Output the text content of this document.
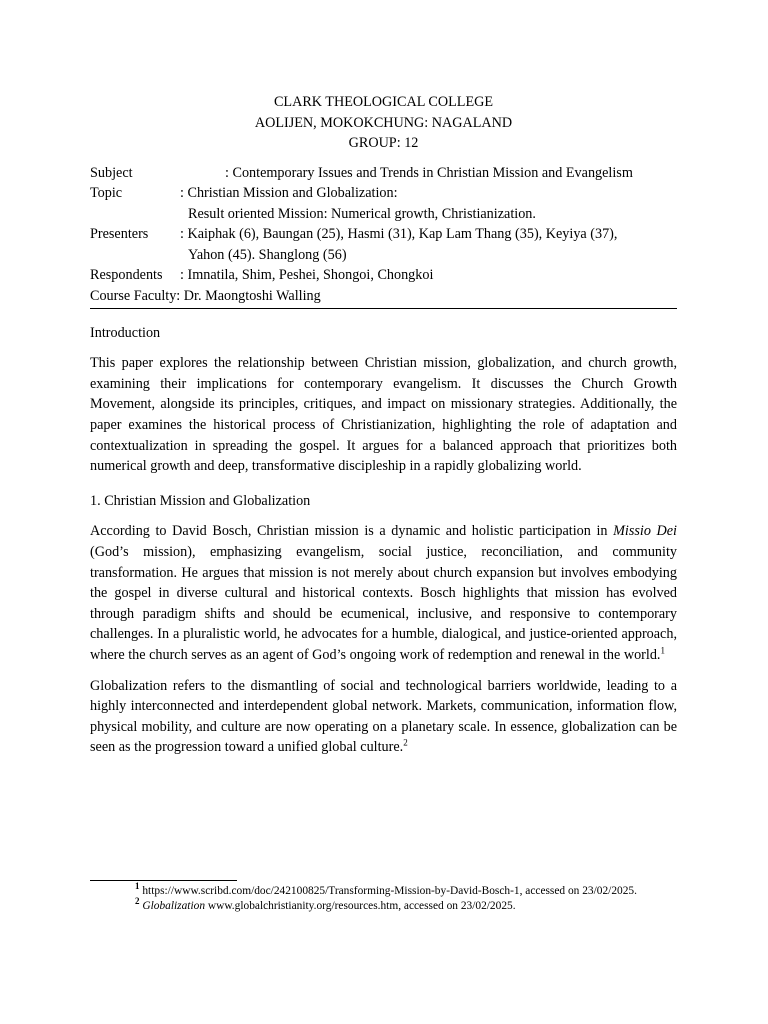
CLARK THEOLOGICAL COLLEGE
AOLIJEN, MOKOKCHUNG: NAGALAND
GROUP: 12
Subject	: Contemporary Issues and Trends in Christian Mission and Evangelism
Topic	: Christian Mission and Globalization:
Result oriented Mission: Numerical growth, Christianization.
Presenters	: Kaiphak (6), Baungan (25), Hasmi (31), Kap Lam Thang (35), Keyiya (37),
Yahon (45). Shanglong (56)
Respondents	: Imnatila, Shim, Peshei, Shongoi, Chongkoi
Course Faculty: Dr. Maongtoshi Walling
Introduction

This paper explores the relationship between Christian mission, globalization, and church growth, examining their implications for contemporary evangelism. It discusses the Church Growth Movement, alongside its principles, critiques, and impact on missionary strategies. Additionally, the paper examines the historical process of Christianization, highlighting the role of adaptation and contextualization in spreading the gospel. It argues for a balanced approach that prioritizes both numerical growth and deep, transformative discipleship in a rapidly globalizing world.

1. Christian Mission and Globalization

According to David Bosch, Christian mission is a dynamic and holistic participation in Missio Dei (God’s mission), emphasizing evangelism, social justice, reconciliation, and community transformation. He argues that mission is not merely about church expansion but involves embodying the gospel in diverse cultural and historical contexts. Bosch highlights that mission has evolved through paradigm shifts and should be ecumenical, inclusive, and responsive to contemporary challenges. In a pluralistic world, he advocates for a humble, dialogical, and justice-oriented approach, where the church serves as an agent of God’s ongoing work of redemption and renewal in the world.$^1$

Globalization refers to the dismantling of social and technological barriers worldwide, leading to a highly interconnected and interdependent global network. Markets, communication, information flow, physical mobility, and culture are now operating on a planetary scale. In essence, globalization can be seen as the progression toward a unified global culture.$^2$

$^1$ https://www.scribd.com/doc/242100825/Transforming-Mission-by-David-Bosch-1, accessed on 23/02/2025.
$^2$ Globalization www.globalchristianity.org/resources.htm, accessed on 23/02/2025.
